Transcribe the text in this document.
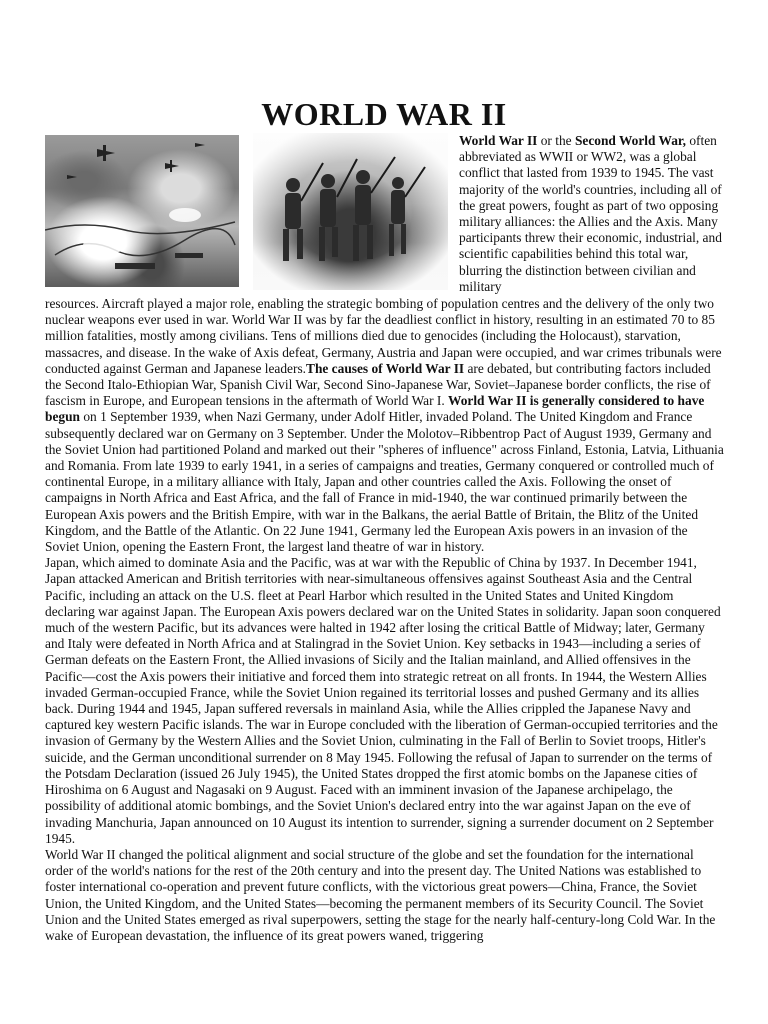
WORLD WAR II
World War II or the Second World War, often abbreviated as WWII or WW2, was a global conflict that lasted from 1939 to 1945. The vast majority of the world's countries, including all of the great powers, fought as part of two opposing military alliances: the Allies and the Axis. Many participants threw their economic, industrial, and scientific capabilities behind this total war, blurring the distinction between civilian and military

resources. Aircraft played a major role, enabling the strategic bombing of population centres and the delivery of the only two nuclear weapons ever used in war. World War II was by far the deadliest conflict in history, resulting in an estimated 70 to 85 million fatalities, mostly among civilians. Tens of millions died due to genocides (including the Holocaust), starvation, massacres, and disease. In the wake of Axis defeat, Germany, Austria and Japan were occupied, and war crimes tribunals were conducted against German and Japanese leaders.The causes of World War II are debated, but contributing factors included the Second Italo-Ethiopian War, Spanish Civil War, Second Sino-Japanese War, Soviet–Japanese border conflicts, the rise of fascism in Europe, and European tensions in the aftermath of World War I. World War II is generally considered to have begun on 1 September 1939, when Nazi Germany, under Adolf Hitler, invaded Poland. The United Kingdom and France subsequently declared war on Germany on 3 September. Under the Molotov–Ribbentrop Pact of August 1939, Germany and the Soviet Union had partitioned Poland and marked out their "spheres of influence" across Finland, Estonia, Latvia, Lithuania and Romania. From late 1939 to early 1941, in a series of campaigns and treaties, Germany conquered or controlled much of continental Europe, in a military alliance with Italy, Japan and other countries called the Axis. Following the onset of campaigns in North Africa and East Africa, and the fall of France in mid-1940, the war continued primarily between the European Axis powers and the British Empire, with war in the Balkans, the aerial Battle of Britain, the Blitz of the United Kingdom, and the Battle of the Atlantic. On 22 June 1941, Germany led the European Axis powers in an invasion of the Soviet Union, opening the Eastern Front, the largest land theatre of war in history.

Japan, which aimed to dominate Asia and the Pacific, was at war with the Republic of China by 1937. In December 1941, Japan attacked American and British territories with near-simultaneous offensives against Southeast Asia and the Central Pacific, including an attack on the U.S. fleet at Pearl Harbor which resulted in the United States and United Kingdom declaring war against Japan. The European Axis powers declared war on the United States in solidarity. Japan soon conquered much of the western Pacific, but its advances were halted in 1942 after losing the critical Battle of Midway; later, Germany and Italy were defeated in North Africa and at Stalingrad in the Soviet Union. Key setbacks in 1943—including a series of German defeats on the Eastern Front, the Allied invasions of Sicily and the Italian mainland, and Allied offensives in the Pacific—cost the Axis powers their initiative and forced them into strategic retreat on all fronts. In 1944, the Western Allies invaded German-occupied France, while the Soviet Union regained its territorial losses and pushed Germany and its allies back. During 1944 and 1945, Japan suffered reversals in mainland Asia, while the Allies crippled the Japanese Navy and captured key western Pacific islands. The war in Europe concluded with the liberation of German-occupied territories and the invasion of Germany by the Western Allies and the Soviet Union, culminating in the Fall of Berlin to Soviet troops, Hitler's suicide, and the German unconditional surrender on 8 May 1945. Following the refusal of Japan to surrender on the terms of the Potsdam Declaration (issued 26 July 1945), the United States dropped the first atomic bombs on the Japanese cities of Hiroshima on 6 August and Nagasaki on 9 August. Faced with an imminent invasion of the Japanese archipelago, the possibility of additional atomic bombings, and the Soviet Union's declared entry into the war against Japan on the eve of invading Manchuria, Japan announced on 10 August its intention to surrender, signing a surrender document on 2 September 1945.

World War II changed the political alignment and social structure of the globe and set the foundation for the international order of the world's nations for the rest of the 20th century and into the present day. The United Nations was established to foster international co-operation and prevent future conflicts, with the victorious great powers—China, France, the Soviet Union, the United Kingdom, and the United States—becoming the permanent members of its Security Council. The Soviet Union and the United States emerged as rival superpowers, setting the stage for the nearly half-century-long Cold War. In the wake of European devastation, the influence of its great powers waned, triggering
